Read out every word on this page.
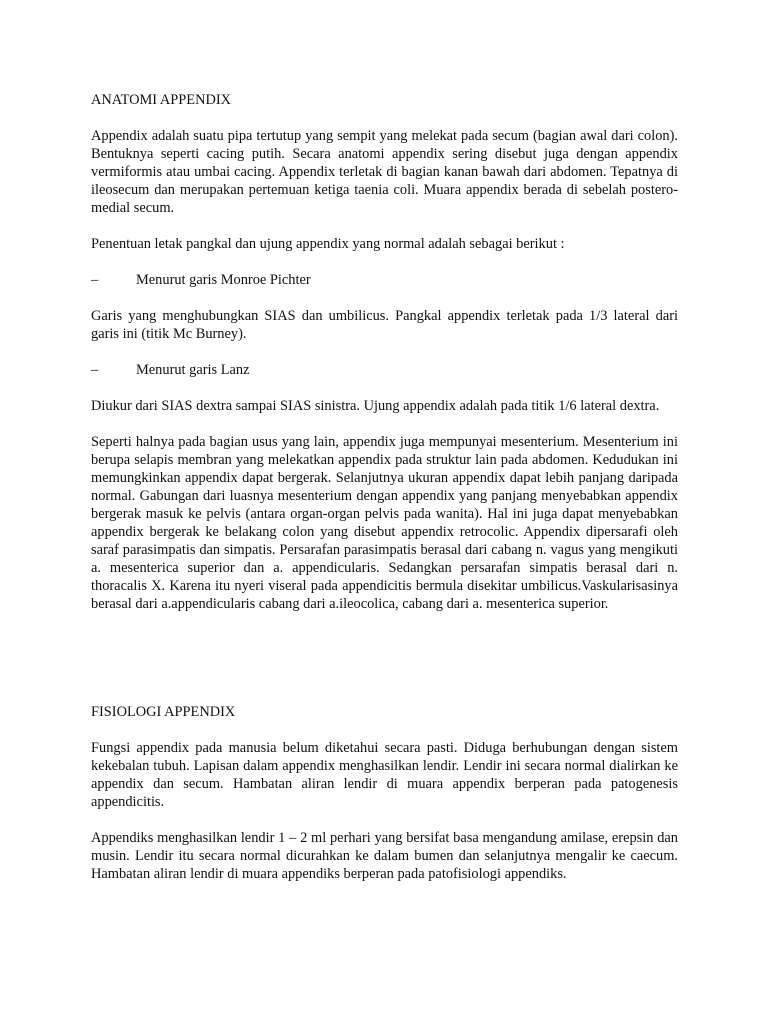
ANATOMI APPENDIX

Appendix adalah suatu pipa tertutup yang sempit yang melekat pada secum (bagian awal dari colon). Bentuknya seperti cacing putih. Secara anatomi appendix sering disebut juga dengan appendix vermiformis atau umbai cacing. Appendix terletak di bagian kanan bawah dari abdomen. Tepatnya di ileosecum dan merupakan pertemuan ketiga taenia coli. Muara appendix berada di sebelah postero-medial secum.

Penentuan letak pangkal dan ujung appendix yang normal adalah sebagai berikut :

–	Menurut garis Monroe Pichter

Garis yang menghubungkan SIAS dan umbilicus. Pangkal appendix terletak pada 1/3 lateral dari garis ini (titik Mc Burney).

–	Menurut garis Lanz

Diukur dari SIAS dextra sampai SIAS sinistra. Ujung appendix adalah pada titik 1/6 lateral dextra.

Seperti halnya pada bagian usus yang lain, appendix juga mempunyai mesenterium. Mesenterium ini berupa selapis membran yang melekatkan appendix pada struktur lain pada abdomen. Kedudukan ini memungkinkan appendix dapat bergerak. Selanjutnya ukuran appendix dapat lebih panjang daripada normal. Gabungan dari luasnya mesenterium dengan appendix yang panjang menyebabkan appendix bergerak masuk ke pelvis (antara organ-organ pelvis pada wanita). Hal ini juga dapat menyebabkan appendix bergerak ke belakang colon yang disebut appendix retrocolic. Appendix dipersarafi oleh saraf parasimpatis dan simpatis. Persarafan parasimpatis berasal dari cabang n. vagus yang mengikuti a. mesenterica superior dan a. appendicularis. Sedangkan persarafan simpatis berasal dari n. thoracalis X. Karena itu nyeri viseral pada appendicitis bermula disekitar umbilicus.Vaskularisasinya berasal dari a.appendicularis cabang dari a.ileocolica, cabang dari a. mesenterica superior.

FISIOLOGI APPENDIX

Fungsi appendix pada manusia belum diketahui secara pasti. Diduga berhubungan dengan sistem kekebalan tubuh. Lapisan dalam appendix menghasilkan lendir. Lendir ini secara normal dialirkan ke appendix dan secum. Hambatan aliran lendir di muara appendix berperan pada patogenesis appendicitis.

Appendiks menghasilkan lendir 1 – 2 ml perhari yang bersifat basa mengandung amilase, erepsin dan musin. Lendir itu secara normal dicurahkan ke dalam bumen dan selanjutnya mengalir ke caecum. Hambatan aliran lendir di muara appendiks berperan pada patofisiologi appendiks.
